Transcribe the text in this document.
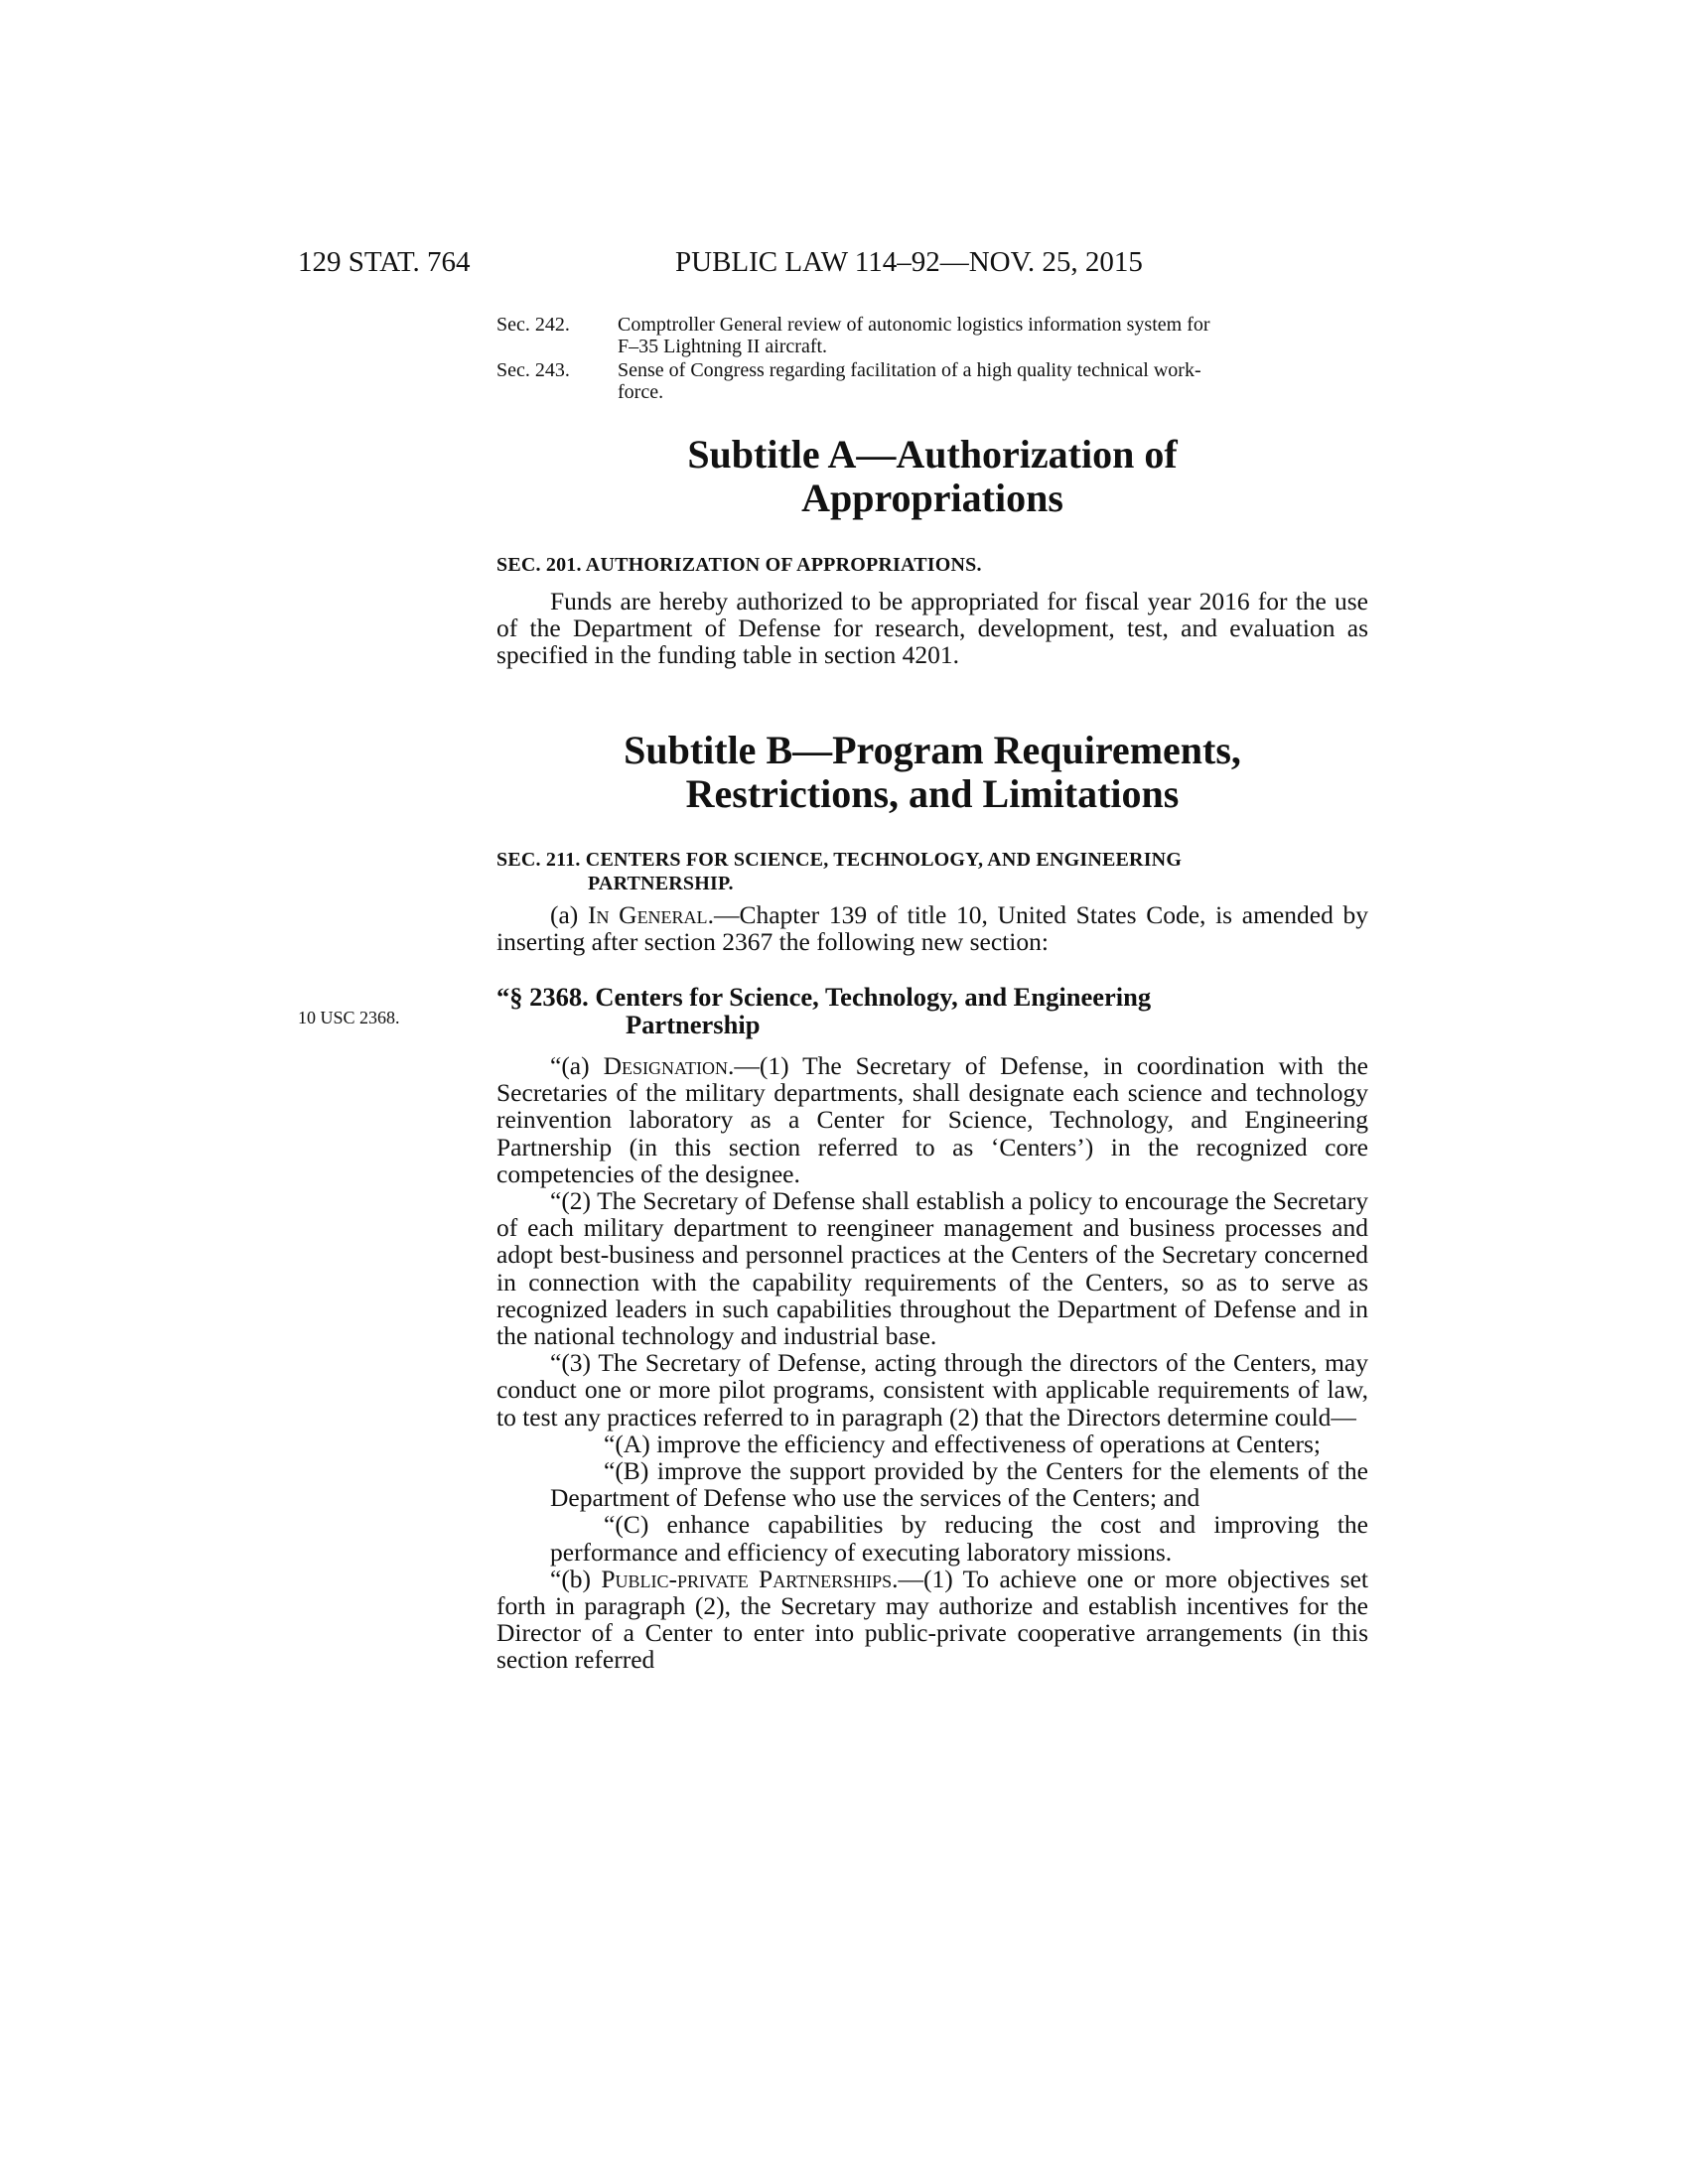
129 STAT. 764	PUBLIC LAW 114–92—NOV. 25, 2015
Sec. 242. Comptroller General review of autonomic logistics information system for
F–35 Lightning II aircraft.
Sec. 243. Sense of Congress regarding facilitation of a high quality technical work-
force.
Subtitle A—Authorization of
Appropriations
SEC. 201. AUTHORIZATION OF APPROPRIATIONS.

Funds are hereby authorized to be appropriated for fiscal year 2016 for the use of the Department of Defense for research, development, test, and evaluation as specified in the funding table in section 4201.

Subtitle B—Program Requirements,
Restrictions, and Limitations
SEC. 211. CENTERS FOR SCIENCE, TECHNOLOGY, AND ENGINEERING
PARTNERSHIP.

(a) In General.—Chapter 139 of title 10, United States Code, is amended by inserting after section 2367 the following new section:

10 USC 2368.
“§ 2368. Centers for Science, Technology, and Engineering
Partnership

“(a) Designation.—(1) The Secretary of Defense, in coordination with the Secretaries of the military departments, shall designate each science and technology reinvention laboratory as a Center for Science, Technology, and Engineering Partnership (in this section referred to as ‘Centers’) in the recognized core competencies of the designee.

“(2) The Secretary of Defense shall establish a policy to encourage the Secretary of each military department to reengineer management and business processes and adopt best-business and personnel practices at the Centers of the Secretary concerned in connection with the capability requirements of the Centers, so as to serve as recognized leaders in such capabilities throughout the Department of Defense and in the national technology and industrial base.

“(3) The Secretary of Defense, acting through the directors of the Centers, may conduct one or more pilot programs, consistent with applicable requirements of law, to test any practices referred to in paragraph (2) that the Directors determine could—

“(A) improve the efficiency and effectiveness of operations at Centers;

“(B) improve the support provided by the Centers for the elements of the Department of Defense who use the services of the Centers; and

“(C) enhance capabilities by reducing the cost and improving the performance and efficiency of executing laboratory missions.

“(b) Public-private Partnerships.—(1) To achieve one or more objectives set forth in paragraph (2), the Secretary may authorize and establish incentives for the Director of a Center to enter into public-private cooperative arrangements (in this section referred
